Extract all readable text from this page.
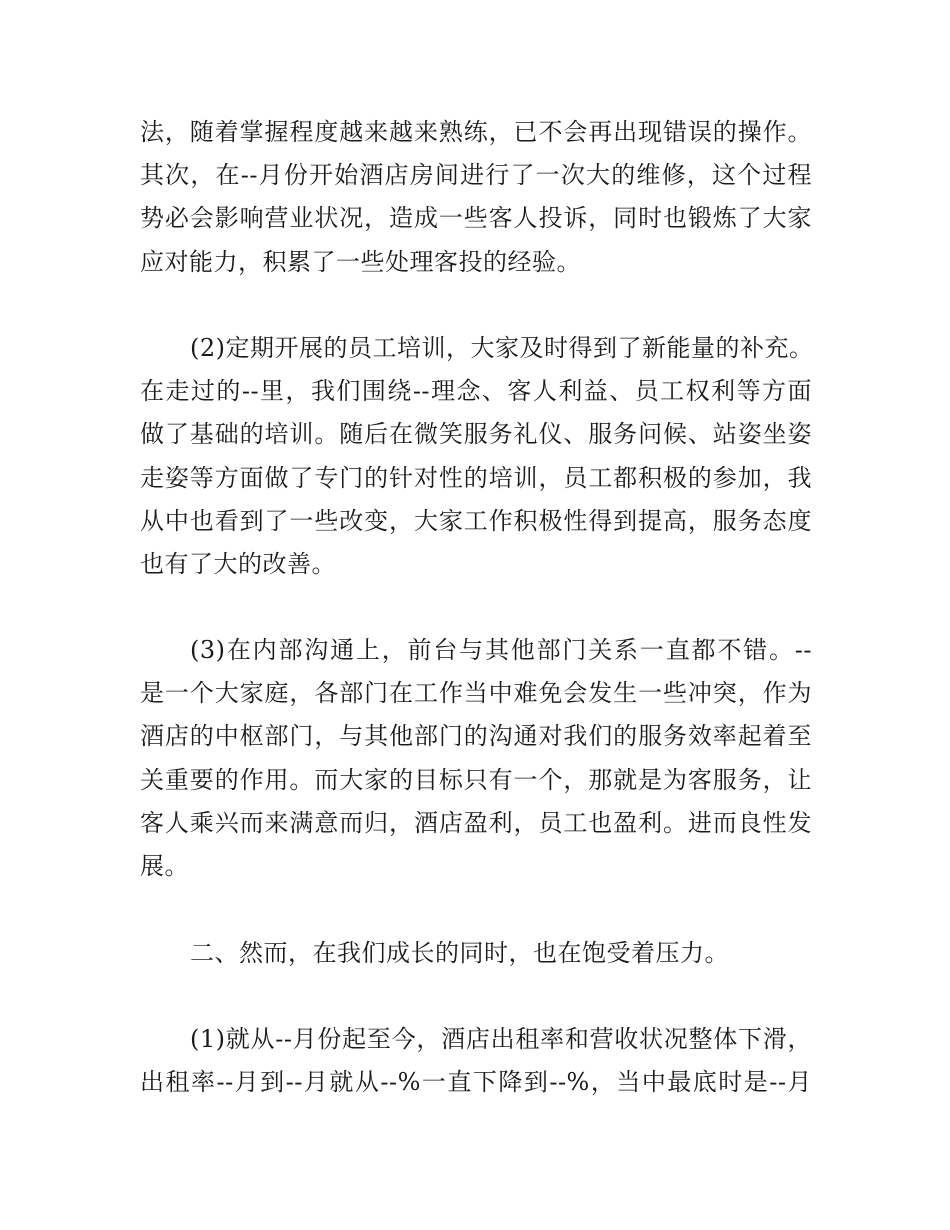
法，随着掌握程度越来越来熟练，已不会再出现错误的操作。
其次，在--月份开始酒店房间进行了一次大的维修，这个过程
势必会影响营业状况，造成一些客人投诉，同时也锻炼了大家
应对能力，积累了一些处理客投的经验。
(2)定期开展的员工培训，大家及时得到了新能量的补充。
在走过的--里，我们围绕--理念、客人利益、员工权利等方面
做了基础的培训。随后在微笑服务礼仪、服务问候、站姿坐姿
走姿等方面做了专门的针对性的培训，员工都积极的参加，我
从中也看到了一些改变，大家工作积极性得到提高，服务态度
也有了大的改善。
(3)在内部沟通上，前台与其他部门关系一直都不错。--
是一个大家庭，各部门在工作当中难免会发生一些冲突，作为
酒店的中枢部门，与其他部门的沟通对我们的服务效率起着至
关重要的作用。而大家的目标只有一个，那就是为客服务，让
客人乘兴而来满意而归，酒店盈利，员工也盈利。进而良性发
展。
二、然而，在我们成长的同时，也在饱受着压力。
(1)就从--月份起至今，酒店出租率和营收状况整体下滑，
出租率--月到--月就从--%一直下降到--%，当中最底时是--月
